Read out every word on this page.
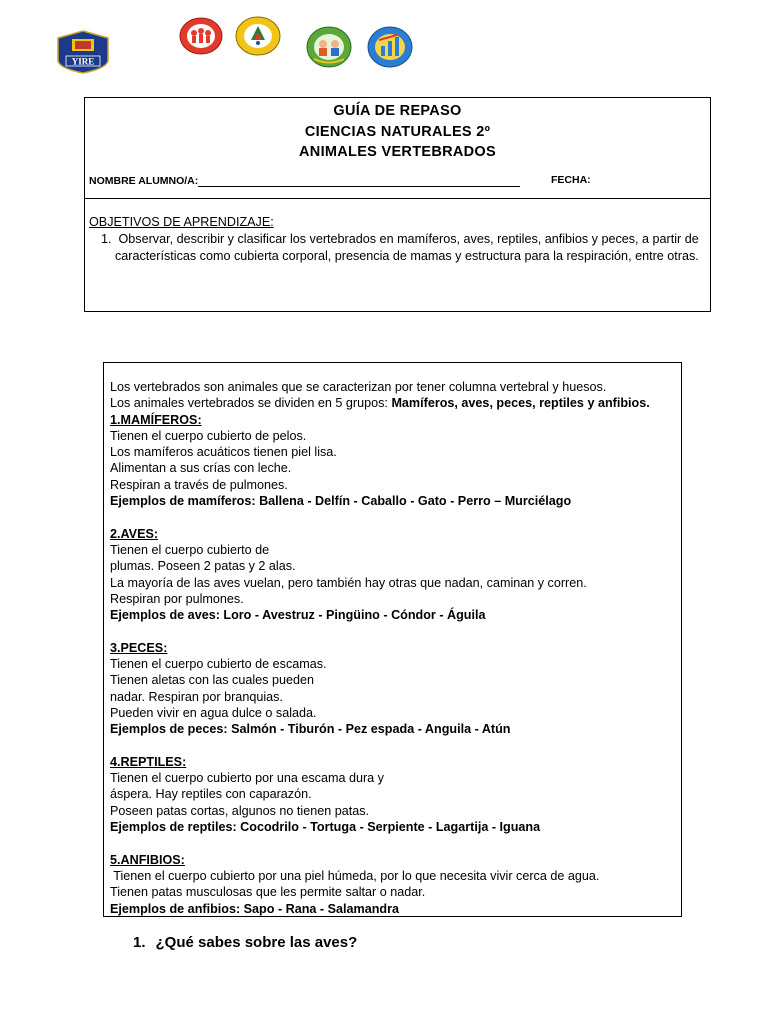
YIRE
GUÍA DE REPASO
CIENCIAS NATURALES 2º
ANIMALES VERTEBRADOS
NOMBRE ALUMNO/A:	FECHA:
OBJETIVOS DE APRENDIZAJE:
1. Observar, describir y clasificar los vertebrados en mamíferos, aves, reptiles, anfibios y peces, a partir de características como cubierta corporal, presencia de mamas y estructura para la respiración, entre otras.
Los vertebrados son animales que se caracterizan por tener columna vertebral y huesos.
Los animales vertebrados se dividen en 5 grupos: Mamíferos, aves, peces, reptiles y anfibios.
1.MAMÍFEROS:
Tienen el cuerpo cubierto de pelos.
Los mamíferos acuáticos tienen piel lisa.
Alimentan a sus crías con leche.
Respiran a través de pulmones.
Ejemplos de mamíferos: Ballena - Delfín - Caballo - Gato - Perro – Murciélago
2.AVES:
Tienen el cuerpo cubierto de
plumas. Poseen 2 patas y 2 alas.
La mayoría de las aves vuelan, pero también hay otras que nadan, caminan y corren.
Respiran por pulmones.
Ejemplos de aves: Loro - Avestruz - Pingüino - Cóndor - Águila
3.PECES:
Tienen el cuerpo cubierto de escamas.
Tienen aletas con las cuales pueden
nadar. Respiran por branquias.
Pueden vivir en agua dulce o salada.
Ejemplos de peces: Salmón - Tiburón - Pez espada - Anguila - Atún
4.REPTILES:
Tienen el cuerpo cubierto por una escama dura y
áspera. Hay reptiles con caparazón.
Poseen patas cortas, algunos no tienen patas.
Ejemplos de reptiles: Cocodrilo - Tortuga - Serpiente - Lagartija - Iguana
5.ANFIBIOS:
Tienen el cuerpo cubierto por una piel húmeda, por lo que necesita vivir cerca de agua.
Tienen patas musculosas que les permite saltar o nadar.
Ejemplos de anfibios: Sapo - Rana - Salamandra
1. ¿Qué sabes sobre las aves?
